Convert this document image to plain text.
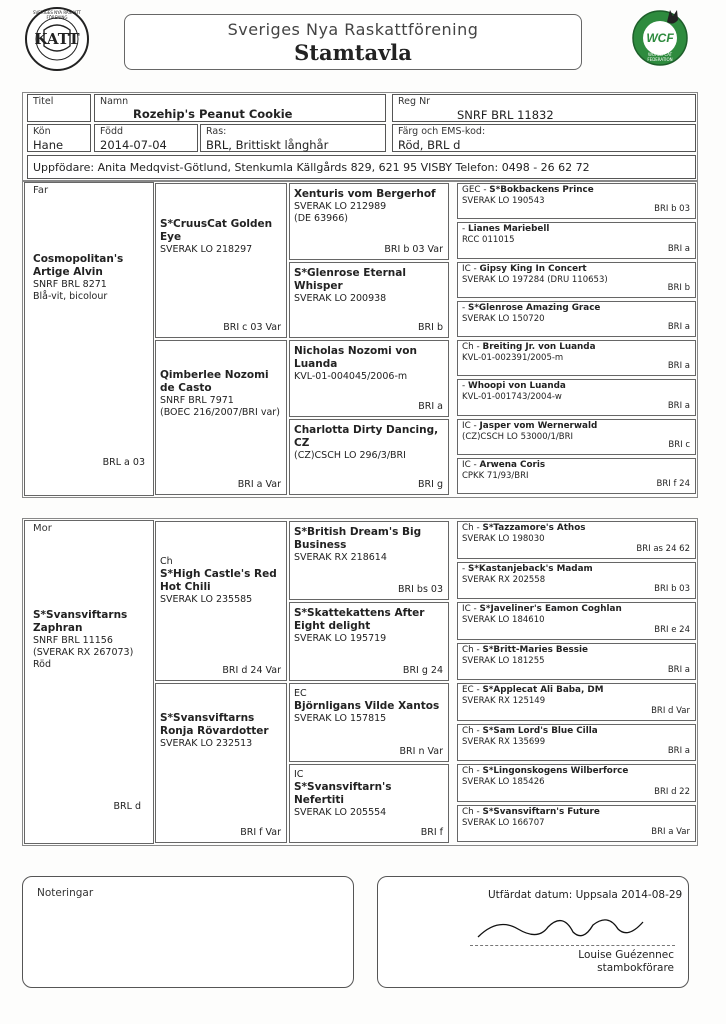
KATT
SVERIGES NYA RASKATT FÖRENING
WCF
WORLD CAT FEDERATION
Sveriges Nya Raskattförening
Stamtavla
Titel	Namn
Rozehip's Peanut Cookie
Reg Nr
SNRF BRL 11832
Kön
Hane
Född
2014-07-04
Ras:
BRL, Brittiskt långhår
Färg och EMS-kod:
Röd, BRL d
Uppfödare: Anita Medqvist-Götlund, Stenkumla Källgårds 829, 621 95 VISBY Telefon: 0498 - 26 62 72
Far
Cosmopolitan's Artige Alvin
SNRF BRL 8271
Blå-vit, bicolour
BRL a 03
Mor
S*Svansviftarns Zaphran
SNRF BRL 11156
(SVERAK RX 267073)
Röd
BRL d
S*CruusCat Golden Eye
SVERAK LO 218297
BRI c 03 Var
Qimberlee Nozomi de Casto
SNRF BRL 7971
(BOEC 216/2007/BRI var)
BRI a Var
Xenturis vom Bergerhof
SVERAK LO 212989
(DE 63966)
BRI b 03 Var
S*Glenrose Eternal Whisper
SVERAK LO 200938
BRI b
Nicholas Nozomi von Luanda
KVL-01-004045/2006-m
BRI a
Charlotta Dirty Dancing, CZ
(CZ)CSCH LO 296/3/BRI
BRI g
GEC - S*Bokbackens Prince
SVERAK LO 190543
BRI b 03
- Lianes Mariebell
RCC 011015
BRI a
IC - Gipsy King In Concert
SVERAK LO 197284 (DRU 110653)
BRI b
- S*Glenrose Amazing Grace
SVERAK LO 150720
BRI a
Ch - Breiting Jr. von Luanda
KVL-01-002391/2005-m
BRI a
- Whoopi von Luanda
KVL-01-001743/2004-w
BRI a
IC - Jasper vom Wernerwald
(CZ)CSCH LO 53000/1/BRI
BRI c
IC - Arwena Coris
CPKK 71/93/BRI
BRI f 24
Ch
S*High Castle's Red Hot Chili
SVERAK LO 235585
BRI d 24 Var
S*Svansviftarns Ronja Rövardotter
SVERAK LO 232513
BRI f Var
S*British Dream's Big Business
SVERAK RX 218614
BRI bs 03
S*Skattekattens After Eight delight
SVERAK LO 195719
BRI g 24
EC
Björnligans Vilde Xantos
SVERAK LO 157815
BRI n Var
IC
S*Svansviftarn's Nefertiti
SVERAK LO 205554
BRI f
Ch - S*Tazzamore's Athos
SVERAK LO 198030
BRI as 24 62
- S*Kastanjeback's Madam
SVERAK RX 202558
BRI b 03
IC - S*Javeliner's Eamon Coghlan
SVERAK LO 184610
BRI e 24
Ch - S*Britt-Maries Bessie
SVERAK LO 181255
BRI a
EC - S*Applecat Ali Baba, DM
SVERAK RX 125149
BRI d Var
Ch - S*Sam Lord's Blue Cilla
SVERAK RX 135699
BRI a
Ch - S*Lingonskogens Wilberforce
SVERAK LO 185426
BRI d 22
Ch - S*Svansviftarn's Future
SVERAK LO 166707
BRI a Var
Noteringar	Utfärdat datum: Uppsala 2014-08-29
Louise Guézennec
stambokförare
